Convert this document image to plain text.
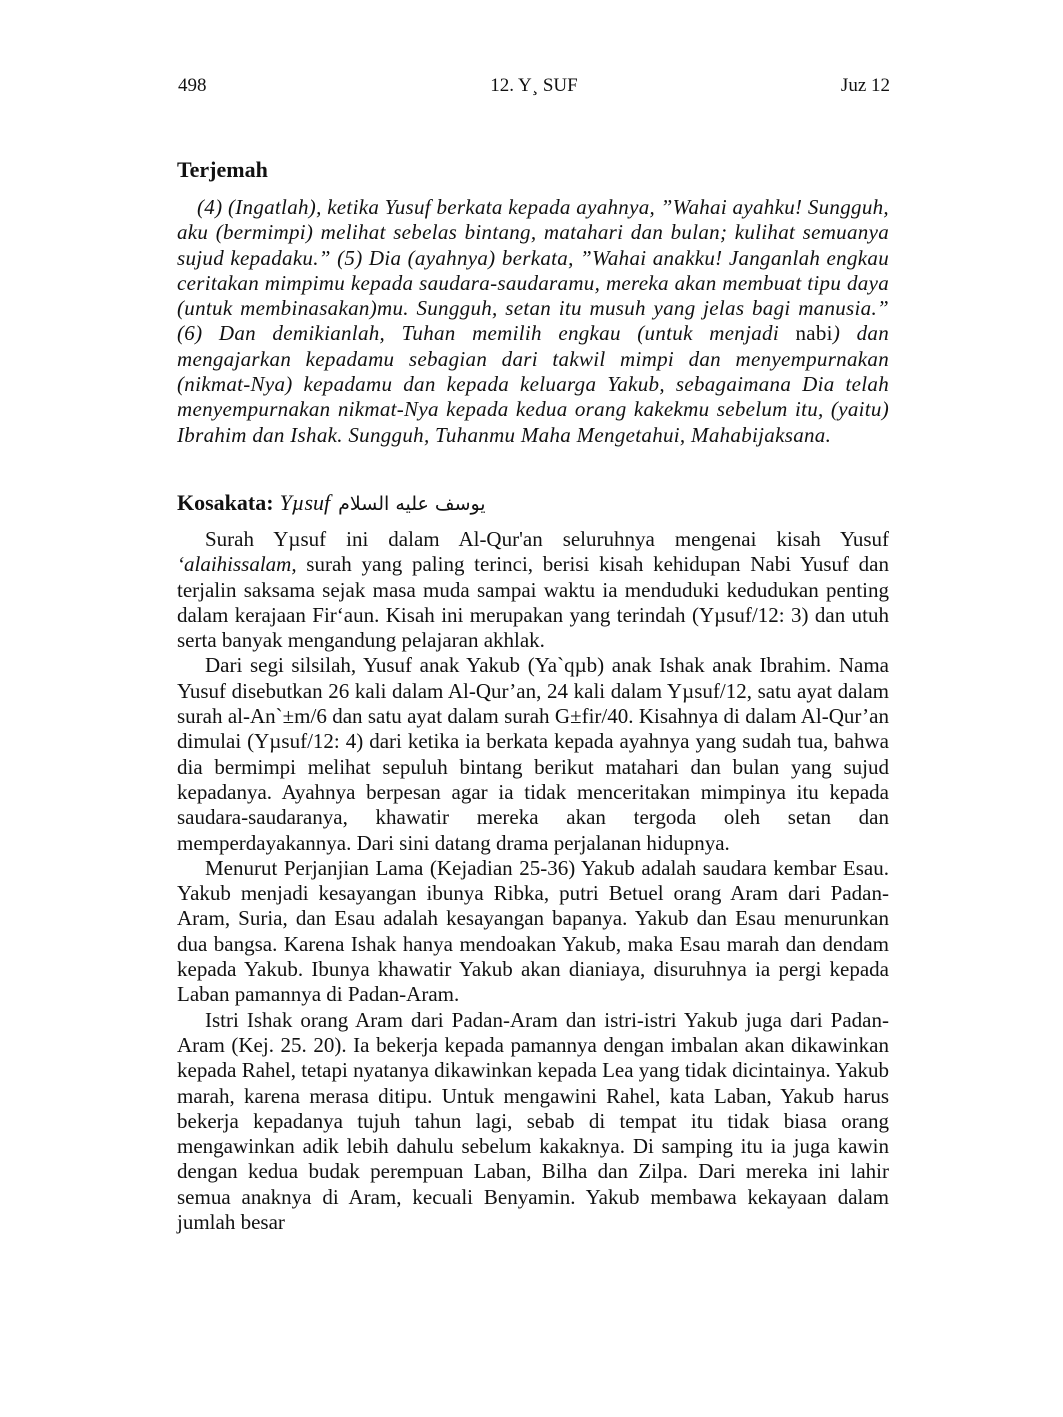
498	12. Y¸ SUF	Juz 12
Terjemah

(4) (Ingatlah), ketika Yusuf berkata kepada ayahnya, ”Wahai ayahku! Sungguh, aku (bermimpi) melihat sebelas bintang, matahari dan bulan; kulihat semuanya sujud kepadaku.” (5) Dia (ayahnya) berkata, ”Wahai anakku! Janganlah engkau ceritakan mimpimu kepada saudara-saudaramu, mereka akan membuat tipu daya (untuk membinasakan)mu. Sungguh, setan itu musuh yang jelas bagi manusia.” (6) Dan demikianlah, Tuhan memilih engkau (untuk menjadi nabi) dan mengajarkan kepadamu sebagian dari takwil mimpi dan menyempurnakan (nikmat-Nya) kepadamu dan kepada keluarga Yakub, sebagaimana Dia telah menyempurnakan nikmat-Nya kepada kedua orang kakekmu sebelum itu, (yaitu) Ibrahim dan Ishak. Sungguh, Tuhanmu Maha Mengetahui, Mahabijaksana.

Kosakata: Yµsuf يوسف عليه السلام

Surah Yµsuf ini dalam Al-Qur'an seluruhnya mengenai kisah Yusuf ‘alaihissalam, surah yang paling terinci, berisi kisah kehidupan Nabi Yusuf dan terjalin saksama sejak masa muda sampai waktu ia menduduki kedudukan penting dalam kerajaan Fir‘aun. Kisah ini merupakan yang terindah (Yµsuf/12: 3) dan utuh serta banyak mengandung pelajaran akhlak.

Dari segi silsilah, Yusuf anak Yakub (Ya`qµb) anak Ishak anak Ibrahim. Nama Yusuf disebutkan 26 kali dalam Al-Qur’an, 24 kali dalam Yµsuf/12, satu ayat dalam surah al-An`±m/6 dan satu ayat dalam surah G±fir/40. Kisahnya di dalam Al-Qur’an dimulai (Yµsuf/12: 4) dari ketika ia berkata kepada ayahnya yang sudah tua, bahwa dia bermimpi melihat sepuluh bintang berikut matahari dan bulan yang sujud kepadanya. Ayahnya berpesan agar ia tidak menceritakan mimpinya itu kepada saudara-saudaranya, khawatir mereka akan tergoda oleh setan dan memperdayakannya. Dari sini datang drama perjalanan hidupnya.

Menurut Perjanjian Lama (Kejadian 25-36) Yakub adalah saudara kembar Esau. Yakub menjadi kesayangan ibunya Ribka, putri Betuel orang Aram dari Padan-Aram, Suria, dan Esau adalah kesayangan bapanya. Yakub dan Esau menurunkan dua bangsa. Karena Ishak hanya mendoakan Yakub, maka Esau marah dan dendam kepada Yakub. Ibunya khawatir Yakub akan dianiaya, disuruhnya ia pergi kepada Laban pamannya di Padan-Aram.

Istri Ishak orang Aram dari Padan-Aram dan istri-istri Yakub juga dari Padan-Aram (Kej. 25. 20). Ia bekerja kepada pamannya dengan imbalan akan dikawinkan kepada Rahel, tetapi nyatanya dikawinkan kepada Lea yang tidak dicintainya. Yakub marah, karena merasa ditipu. Untuk mengawini Rahel, kata Laban, Yakub harus bekerja kepadanya tujuh tahun lagi, sebab di tempat itu tidak biasa orang mengawinkan adik lebih dahulu sebelum kakaknya. Di samping itu ia juga kawin dengan kedua budak perempuan Laban, Bilha dan Zilpa. Dari mereka ini lahir semua anaknya di Aram, kecuali Benyamin. Yakub membawa kekayaan dalam jumlah besar
